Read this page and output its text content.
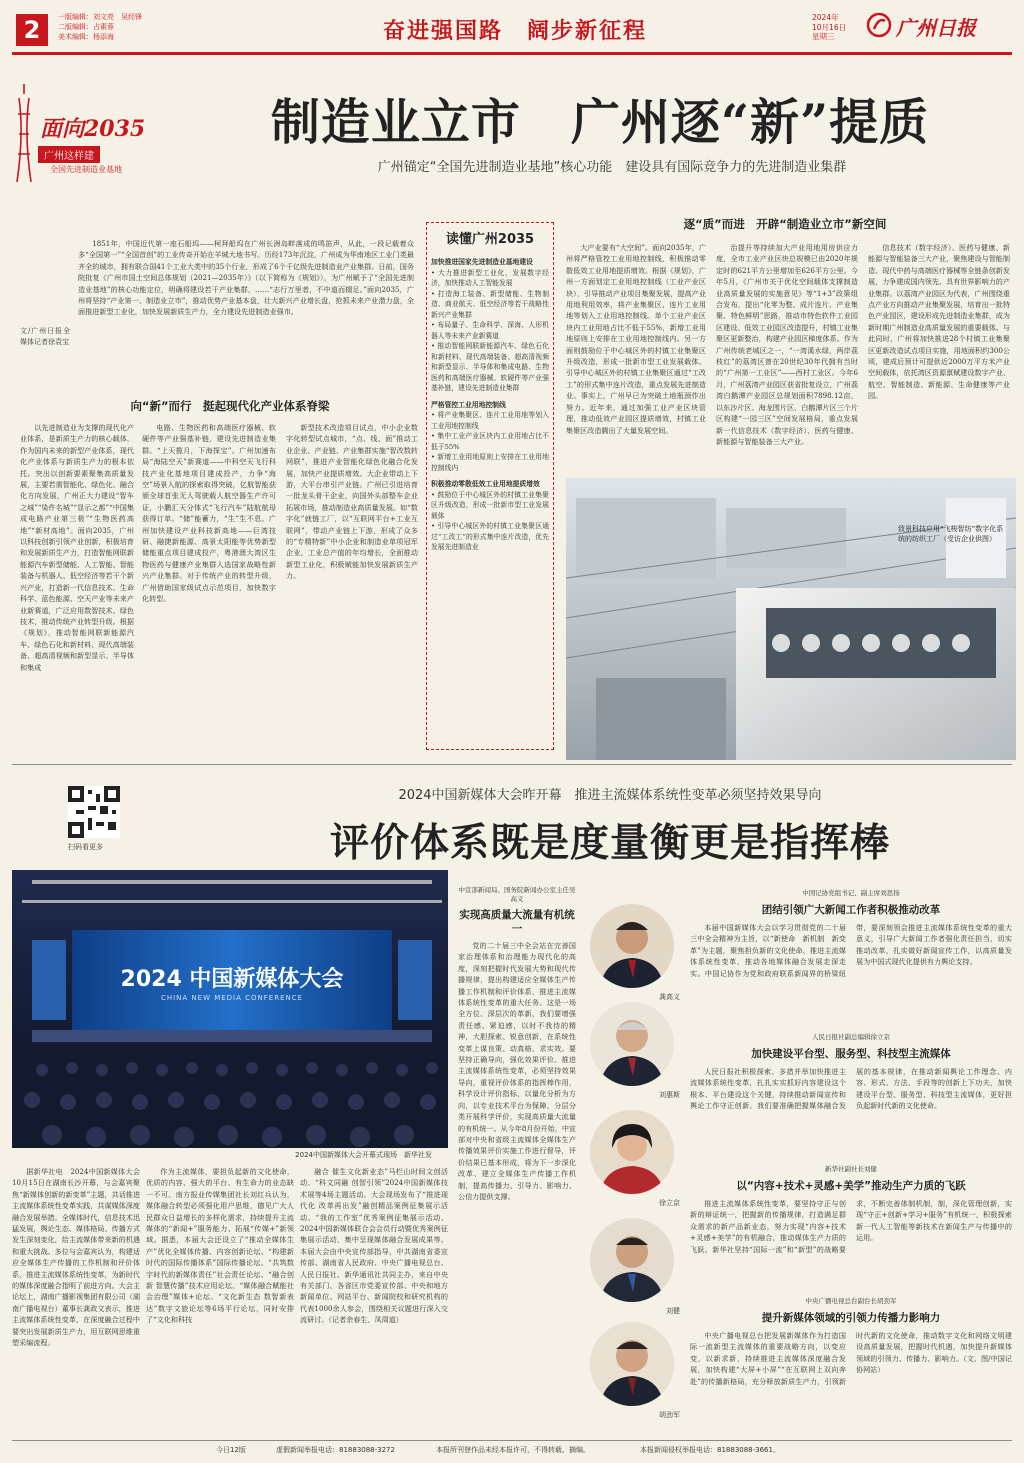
2	一版编辑：刘文亮　吴经锋
二版编辑：占素蓉
美术编辑：杨添海	奋进强国路　阔步新征程
2024年
10月16日
星期三	广州日报
面向2035
广州这样建
全国先进制造业基地
制造业立市　广州逐“新”提质
广州锚定“全国先进制造业基地”核心功能　建设具有国际竞争力的先进制造业集群
文/广州日报全媒体记者徐袁宝

1851年，中国近代第一座石船坞——柯拜船坞在广州长洲岛畔落成的鸣笛声，从此，一段记载着众多“全国第一”“全国首创”的工业传奇开始在羊城大地书写。历经173年沉淀，广州成为华南地区工业门类最齐全的城市，拥有联合国41个工业大类中的35个行业，形成了6个千亿级先进制造业产业集群。日前，国务院批复《广州市国土空间总体规划（2021—2035年）》（以下简称为《规划》），为广州赋予了“全国先进制造业基地”的核心功能定位，明确将建设若干产业集群，……“志行万里者，不中道而辍足。”面向2035，广州将坚持“产业第一、制造业立市”，推动优势产业基本盘，壮大新兴产业增长盘，抢抓未来产业潜力盘，全面推进新型工业化，加快发展新质生产力，全力建设先进制造业强市。

向“新”而行　挺起现代化产业体系脊梁

以先进制造业为支撑的现代化产业体系，是新质生产力的核心载体，作为国内未来的新型产业体系，现代化产业体系与新质生产力的根本依托。突出以创新要素聚集高质量发展，主要若需智能化、绿色化、融合化方向发展，广州正大力建设“智车之城”“染件名城”“显示之都”“中国集成电路产业第三极”“生物医药高地”“新材高地”。面向2035，广州以科技创新引领产业创新，积极培育和发展新质生产力，打造智能网联新能源汽车新型储能、人工智能、智能装备与机器人、低空经济等若干个新兴产业，打造新一代信息技术、生命科学、蓝色能源、空天产业等未来产业新赛道，广泛应用数智技术、绿色技术，推动传统产业转型升级。根据《规划》，推动智能网联新能源汽车、绿色石化和新材料、现代高端装备、超高清视频和新型显示、半导体和集成

电路、生物医药和高端医疗器械、软硬件等产业强基补链，建设先进制造业集群。“上天揽月，下海探宝”。广州加速布局“海陆空天”新赛道——中科空天飞行科技产业化基地项目建成投产，力争“海空”场景入航的探索取得突破，亿航智能获颁全球首张无人驾驶载人航空器生产许可证，小鹏汇天分体式“飞行汽车”陆航航母获得订单。“储”能蓄力，“生”生不息。广州加快建设产业科技新高地——巨湾技研、融捷新能源、高景太阳能等优势新型储能重点项目建成投产，粤港澳大湾区生物医药与健康产业集群入选国家战略性新兴产业集群。对于传统产业的转型升级，广州借助国家级试点示范项目，加快数字化转型。

新型技术改造项目试点，中小企业数字化转型试点城市，“点、线、面”推动工业企业、产业链、产业集群实施“智改数转网联”，推进产业智能化绿色化融合化发展，加快产业提质增效。大企业带动上下游，大平台串引产业链。广州已引进培育一批龙头骨干企业，向国外头部整车企业拓展市场，推动制造业高质量发展。如“数字化”就链工厂，以“互联网平台+工业互联网”，带动产业链上下游，形成了众多的“专精特新”中小企业和制造业单项冠军企业，工业总产值的年均增长，全面推动新型工业化，积极赋能加快发展新质生产力。

读懂广州2035
加快推进国家先进制造业基地建设
• 大力推进新型工业化，发展数字经济，加快推动人工智能发展
• 打造海工装备、新型储能、生物制造、商业航天、低空经济等若干战略性新兴产业集群
• 布局量子、生命科学、深海、人形机器人等未来产业新赛道
• 推动智能网联新能源汽车、绿色石化和新材料、现代高端装备、超高清视频和新型显示、半导体和集成电路、生物医药和高端医疗器械、软硬件等产业强基补链，建设先进制造业集群
严格管控工业用地控制线
• 将产业集聚区、连片工业用地等划入工业用地控制线
• 集中工业产业区块内工业用地占比不低于55%
• 新增工业用地原则上安排在工业用地控制线内
积极推动零散低效工业用地提质增效
• 鼓励位于中心城区外的村镇工业集聚区升级改造，形成一批新市型工业发展载体
• 引导中心城区外的村镇工业集聚区通过“工改工”的形式集中连片改造，优先发展先进制造业
逐“质”而进　开辟“制造业立市”新空间

大产业要有“大空间”。面向2035年，广州将严格管控工业用地控制线，积极推动零散低效工业用地提质增效。根据《规划》，广州一方面划定工业用地控制线（工业产业区块），引导推动产业项目集聚发展，提高产业用地利用效率，将产业集聚区、连片工业用地等划入工业用地控制线。单个工业产业区块内工业用地占比不低于55%，新增工业用地原则上安排在工业用地控制线内。另一方面则鼓励位于中心城区外的村镇工业集聚区升级改造，形成一批新市型工业发展载体。引导中心城区外的村镇工业集聚区通过“工改工”的形式集中连片改造，重点发展先进制造业。事实上，广州早已为突破土地瓶颈作出努力。近年来，通过加强工业产业区块管理，推动低效产业园区提质增效，村镇工业集聚区改造腾出了大量发展空间。

治提升等持续加大产业用地用房供应力度，全市工业产业区块总规模已由2020年规定时的621平方公里增加至626平方公里。今年5月，《广州市关于优化空间载体支撑制造业高质量发展的实施意见》等“1+3”政策组合发布，提出“化零为整、成片连片、产业集聚、特色鲜明”思路，推动市特色软件工业园区建设、低效工业园区改造提升，村镇工业集聚区更新整治，构建产业园区梯度体系。作为广州传统老城区之一，“一湾溪水绿，两岸荔枝红”的荔湾区曾在20世纪30年代拥有当时的“广州第一工业区”——西村工业区。今年6月，广州荔湾产业园区获省批复设立，广州荔湾白鹅潭产业园区总规划面积7898.12亩，以东沙片区、海龙围片区、白鹅潭片区三个片区构建“一园三区”空间发展格局，重点发展新一代信息技术（数字经济）、医药与健康、新能源与智能装备三大产业。

信息技术（数字经济）、医药与健康、新能源与智能装备三大产业，聚焦建设与智能制造、现代中药与高端医疗器械等全链条创新发展，力争建成国内领先、具有世界影响力的产业集群。以荔湾产业园区为代表，广州围绕重点产业方向推动产业集聚发展，培育出一批特色产业园区，建设形成先进制造业集群，成为新时期广州制造业高质量发展的重要载体。与此同时，广州将加快推进28个村镇工业集聚区更新改造试点项目实施，用地面积约300公顷，建成后预计可提供近2000万平方米产业空间载体，依托湾区资源禀赋建设数字产业、航空、智能制造、新能源、生命健康等产业园。

致景科技应用“飞梭智纺”数字化系统的纺织工厂（受访企业供图）
扫码看更多
2024中国新媒体大会昨开幕　推进主流媒体系统性变革必须坚持效果导向
评价体系既是度量衡更是指挥棒
2024 中国新媒体大会
CHINA NEW MEDIA CONFERENCE
2024中国新媒体大会开幕式现场　新华社发

据新华社电　2024中国新媒体大会10月15日在湖南长沙开幕，与会嘉宾聚焦“新媒体创新的新变革”主题，共话推进主流媒体系统性变革实践，共谋媒体深度融合发展举措。全媒体时代，信息技术迅猛发展，舆论生态、媒体格局、传播方式发生深刻变化，给主流媒体带来新的机遇和重大挑战。多位与会嘉宾认为，构建适应全媒体生产传播的工作机制和评价体系，推进主流媒体系统性变革，为新时代的媒体深度融合指明了前进方向。大会主论坛上，湖南广播影视集团有限公司（湖南广播电视台）董事长龚政文表示，推进主流媒体系统性变革，在深度融合过程中要突出发展新质生产力，用互联网思维重塑采编流程。

作为主流媒体，要担负起新的文化使命，优质的内容、强大的平台、有生命力的业态缺一不可。南方报业传媒集团社长刘红兵认为，媒体融合转型必须强化用户思维，德见广大人民群众日益增长的多样化需求，持续提升主流媒体的“新闻+”服务能力、拓展“传媒+”新领域。据悉，本届大会还设立了“推动全媒体生产”优化全媒体传播、内容创新论坛、“构建新时代的国际传播体系”国际传播论坛、“共筑数字时代的新媒体责任”社会责任论坛、“融合创新 智慧传播”技术应用论坛、“媒体融合赋能社会治理”媒体+论坛、“文化新生态 数智新表达”数字文旅论坛等6场平行论坛，同时安排了“文化和科技

融合 催生文化新业态”马栏山时间文创活动、“科文同融 创智引领”2024中国新媒体技术展等4场主题活动。大会现场发布了“推进现代化 改革再出发”融创精品案例征集展示活动、“我的工作室”优秀案例征集展示活动、2024中国新媒体联合会会员行动暨优秀案例征集展示活动，集中呈现媒体融合发展成果等。本届大会由中央宣传部指导，中共湖南省委宣传部、湖南省人民政府、中央广播电视总台、人民日报社、新华通讯社共同主办，来自中央有关部门、各省区市党委宣传部、中央和地方新闻单位、网站平台、新闻院校和研究机构的代表1000余人参会，围绕相关议题进行深入交流研讨。（记者余春生、凤周道）

中宣部新闻局、国务院新闻办公室主任吴高义
实现高质量大流量有机统一

党的二十届三中全会站在完善国家治理体系和治理能力现代化的高度，深刻把握时代发展大势和现代传播规律，提出构建适应全媒体生产传播工作机制和评价体系，推进主流媒体系统性变革的重大任务。这是一场全方位、深层次的革新，我们要增强责任感、紧迫感，以时不我待的精神，大胆探索、锐意创新，在系统性变革上谋良策、动真格、求实效。要坚持正确导向，强化效果评价。推进主流媒体系统性变革，必须坚持效果导向，重视评价体系的指挥棒作用，科学设计评价指标，以量化分析为方向，以专业技术平台为保障，分层分类开展科学评价，实现高质量大流量的有机统一。从今年8月份开始，中宣部对中央和省级主流媒体全媒体生产传播效果评价实施工作进行督导，评价结果已基本形成，将为下一步深化改革、建立全媒体生产传播工作机制，提高传播力、引导力、影响力、公信力提供支撑。

龚高义
刘惠斯
徐立京
刘健
胡劲军
中国记协党组书记、副主席刘思扬
团结引领广大新闻工作者积极推动改革

本届中国新媒体大会以学习贯彻党的二十届三中全会精神为主旨，以“新使命　新机制　新变革”为主题，聚焦担负新的文化使命、推进主流媒体系统性变革，推动各地媒体融合发展走深走实。中国记协作为党和政府联系新闻界的桥梁纽带，要深刻领会推进主流媒体系统性变革的重大意义，引导广大新闻工作者强化责任担当，切实推动改革，扎实做好新闻宣传工作，以高质量发展为中国式现代化提供有力舆论支持。

人民日报社副总编辑徐立京
加快建设平台型、服务型、科技型主流媒体

人民日报社积极探索、多措并举加快推进主流媒体系统性变革，扎扎实实抓好内容建设这个根本、平台建设这个关键，持续推动新闻宣传和舆论工作守正创新。我们要准确把握媒体融合发展的基本规律，在推动新闻舆论工作理念、内容、形式、方法、手段等的创新上下功夫，加快建设平台型、服务型、科技型主流媒体，更好担负起新时代新的文化使命。

新华社副社长刘健
以“内容+技术+灵感+美学”推动生产力质的飞跃

推进主流媒体系统性变革，要坚持守正与创新的辩证统一，把握新的传播规律，打造满足群众需求的新产品新业态，努力实现“内容+技术+灵感+美学”的有机融合，推动媒体生产力质的飞跃。新华社坚持“国际一流”和“新型”的战略要求，不断完善体制机制，制，深化管理创新，实现“守正+创新+学习+服务”有机统一，积极探索新一代人工智能等新技术在新闻生产与传播中的运用。

中央广播电视总台副台长胡劲军
提升新媒体领域的引领力传播力影响力

中央广播电视总台把发展新媒体作为打造国际一流新型主流媒体的重要战略方向，以变应变，以新求新，持续推进主流媒体深度融合发展，加快构建“大屏+小屏”“在互联网上双向奔赴”的传播新格局，充分释放新质生产力，引领新时代新的文化使命，推动数字文化和网络文明建设高质量发展，把握时代机遇，加快提升新媒体领域的引领力、传播力、影响力。（文、图/中国记协网站）

今日12版	虚假新闻举报电话：81883088-3272	本报所刊登作品未经本报许可，不得转载、摘编。	本报新闻侵权举报电话：81883088-3661。
